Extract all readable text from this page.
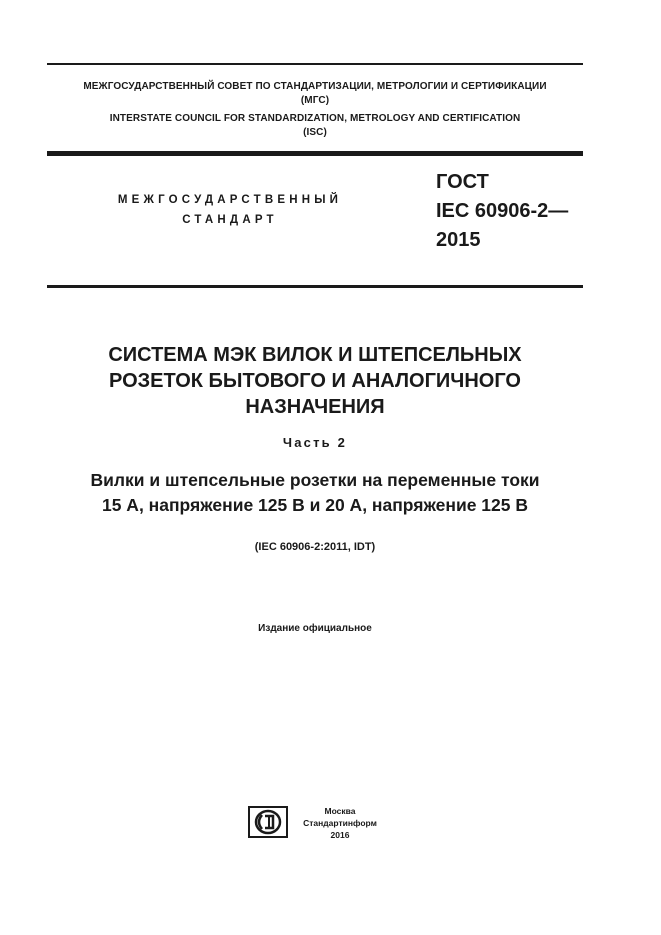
МЕЖГОСУДАРСТВЕННЫЙ СОВЕТ ПО СТАНДАРТИЗАЦИИ, МЕТРОЛОГИИ И СЕРТИФИКАЦИИ
(МГС)
INTERSTATE COUNCIL FOR STANDARDIZATION, METROLOGY AND CERTIFICATION
(ISC)
МЕЖГОСУДАРСТВЕННЫЙ
СТАНДАРТ
ГОСТ
IEC 60906-2—
2015
СИСТЕМА МЭК ВИЛОК И ШТЕПСЕЛЬНЫХ
РОЗЕТОК БЫТОВОГО И АНАЛОГИЧНОГО
НАЗНАЧЕНИЯ
Часть 2
Вилки и штепсельные розетки на переменные токи
15 А, напряжение 125 В и 20 А, напряжение 125 В
(IEC 60906-2:2011, IDT)
Издание официальное
Москва
Стандартинформ
2016
